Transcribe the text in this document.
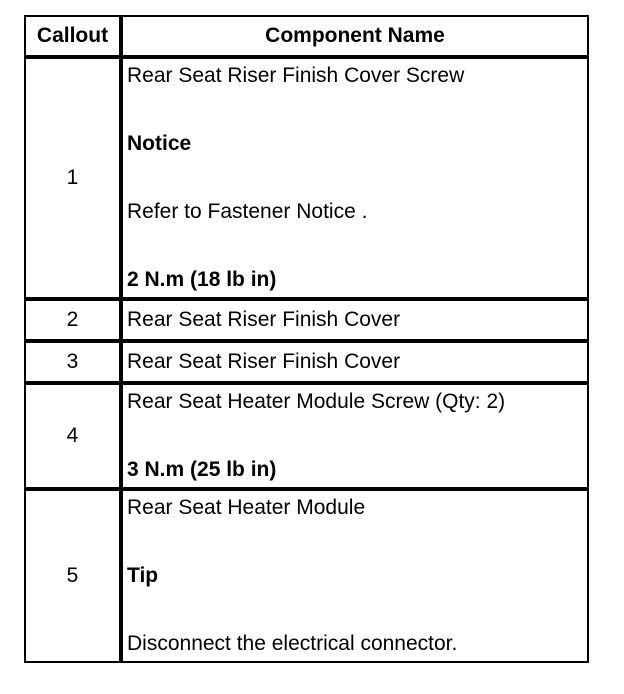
Callout	Component Name
1	Rear Seat Riser Finish Cover Screw
Notice
Refer to Fastener Notice .
2 N.m (18 lb in)

2	Rear Seat Riser Finish Cover

3	Rear Seat Riser Finish Cover

4	Rear Seat Heater Module Screw (Qty: 2)
3 N.m (25 lb in)

5	Rear Seat Heater Module
Tip
Disconnect the electrical connector.
